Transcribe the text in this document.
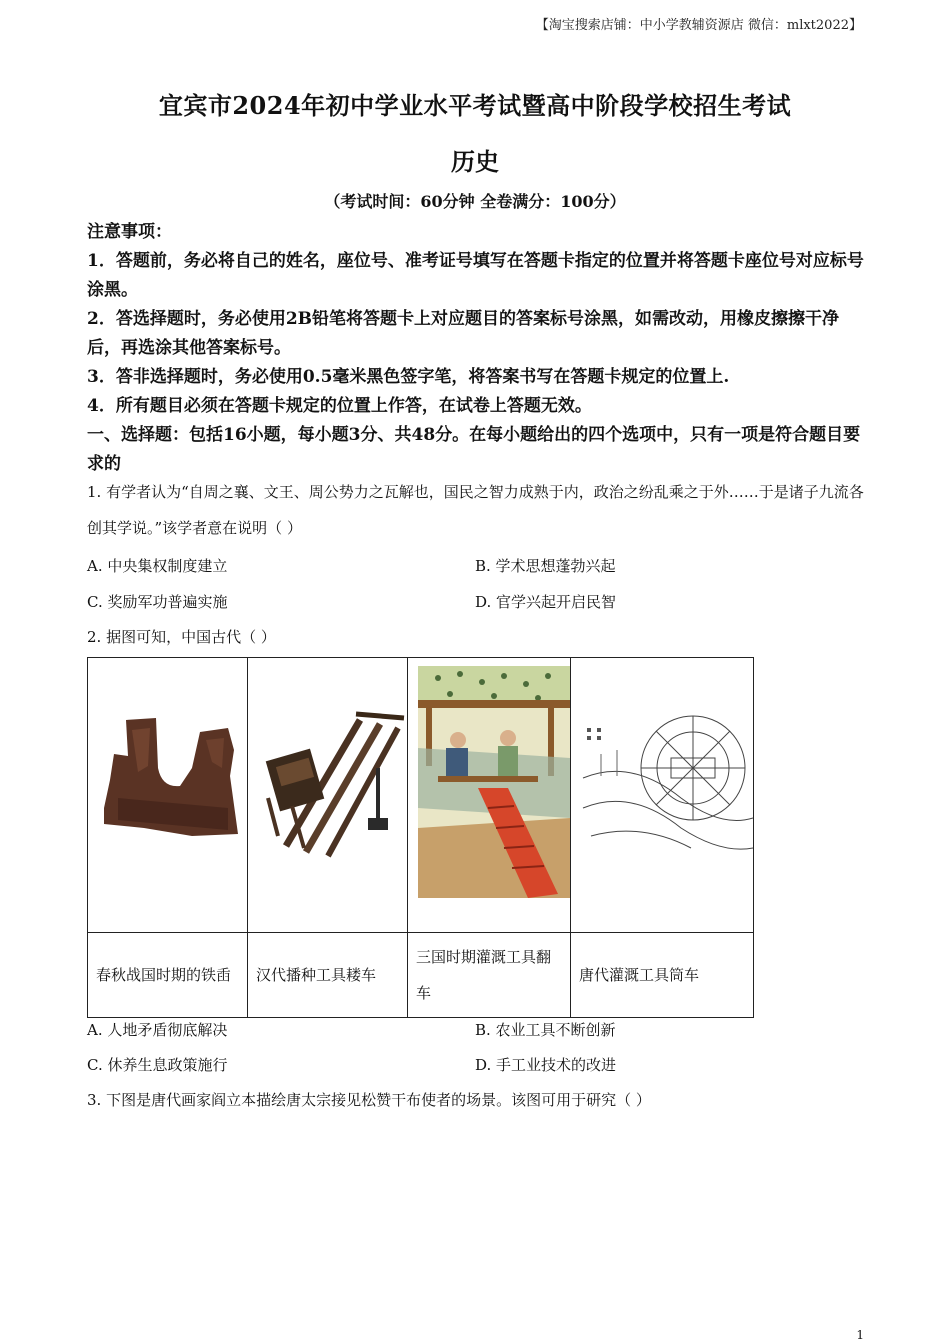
【淘宝搜索店铺：中小学教辅资源店 微信：mlxt2022】
宜宾市2024年初中学业水平考试暨高中阶段学校招生考试
历史
（考试时间：60分钟 全卷满分：100分）

注意事项：

1．答题前，务必将自己的姓名，座位号、准考证号填写在答题卡指定的位置并将答题卡座位号对应标号涂黑。

2．答选择题时，务必使用2B铅笔将答题卡上对应题目的答案标号涂黑，如需改动，用橡皮擦擦干净后，再选涂其他答案标号。

3．答非选择题时，务必使用0.5毫米黑色签字笔，将答案书写在答题卡规定的位置上.

4．所有题目必须在答题卡规定的位置上作答，在试卷上答题无效。

一、选择题：包括16小题，每小题3分、共48分。在每小题给出的四个选项中，只有一项是符合题目要求的

1. 有学者认为“自周之襄、文王、周公势力之瓦解也，国民之智力成熟于内，政治之纷乱乘之于外……于是诸子九流各创其学说。”该学者意在说明（ ）
A. 中央集权制度建立	B. 学术思想蓬勃兴起
C. 奖励军功普遍实施	D. 官学兴起开启民智
2. 据图可知，中国古代（ ）

春秋战国时期的铁臿	汉代播种工具耧车	三国时期灌溉工具翻车	唐代灌溉工具筒车
A. 人地矛盾彻底解决	B. 农业工具不断创新
C. 休养生息政策施行	D. 手工业技术的改进
3. 下图是唐代画家阎立本描绘唐太宗接见松赞干布使者的场景。该图可用于研究（ ）
1
